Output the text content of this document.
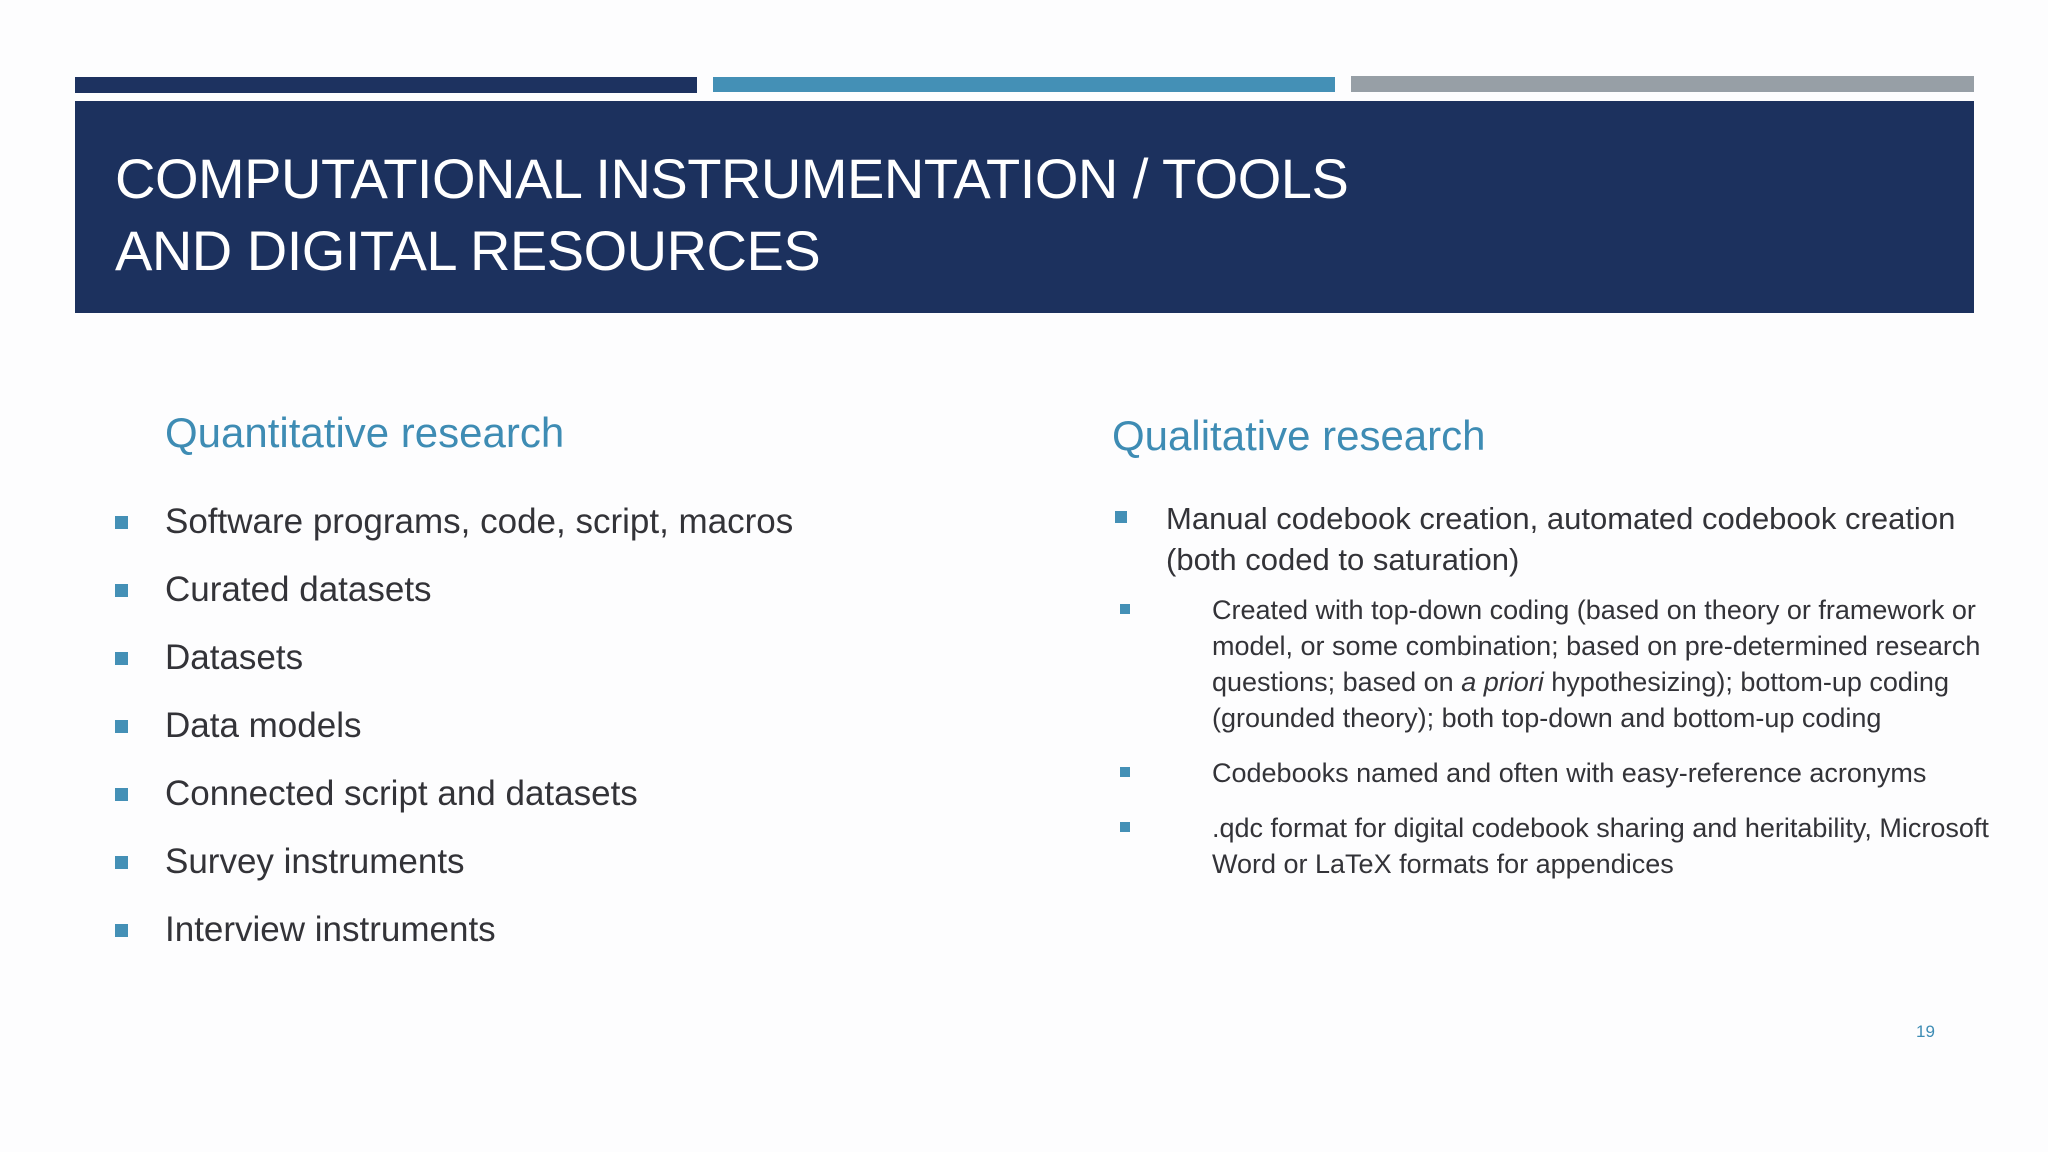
COMPUTATIONAL INSTRUMENTATION / TOOLS
AND DIGITAL RESOURCES
Quantitative research
Software programs, code, script, macros
Curated datasets
Datasets
Data models
Connected script and datasets
Survey instruments
Interview instruments
Qualitative research
Manual codebook creation, automated codebook creation (both coded to saturation)
Created with top-down coding (based on theory or framework or model, or some combination; based on pre-determined research questions; based on a priori hypothesizing); bottom-up coding (grounded theory); both top-down and bottom-up coding
Codebooks named and often with easy-reference acronyms
.qdc format for digital codebook sharing and heritability, Microsoft Word or LaTeX formats for appendices
19
